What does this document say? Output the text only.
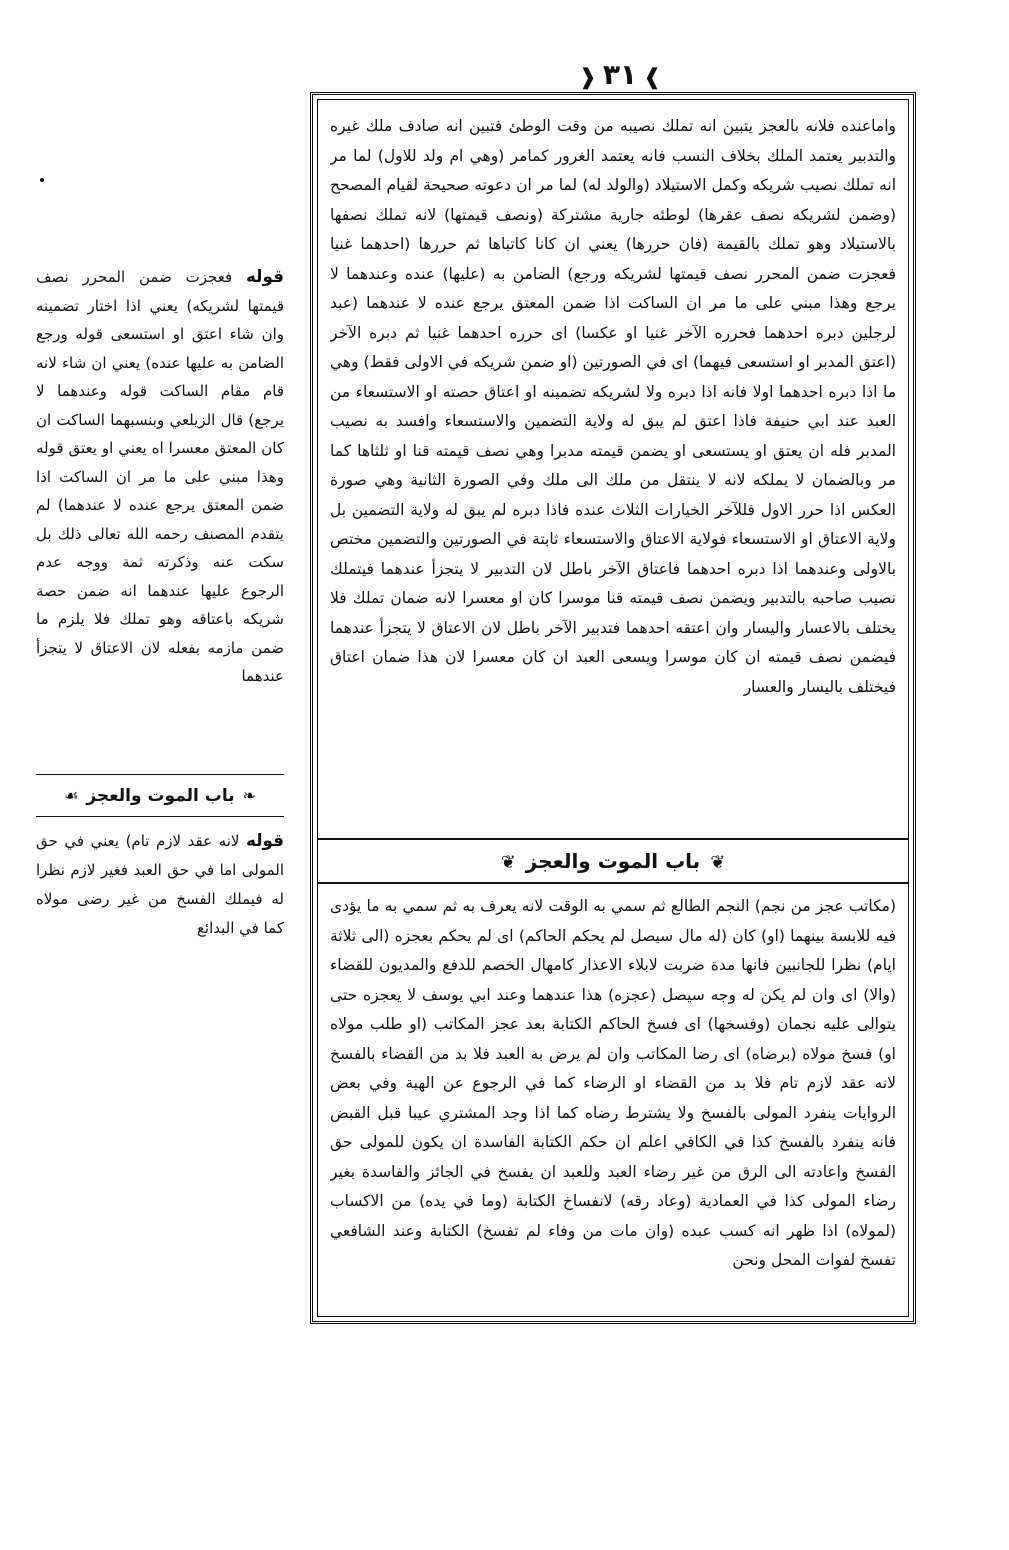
❱٣١❰
واماعنده فلانه بالعجز يتبين انه تملك نصيبه من وقت الوطئ فتبين انه صادف ملك غيره والتدبير يعتمد الملك بخلاف النسب فانه يعتمد الغرور كمامر (وهي ام ولد للاول) لما مر انه تملك نصيب شريكه وكمل الاستيلاد (والولد له) لما مر ان دعوته صحيحة لقيام المصحح (وضمن لشريكه نصف عقرها) لوطئه جارية مشتركة (ونصف قيمتها) لانه تملك نصفها بالاستيلاد وهو تملك بالقيمة (فان حررها) يعني ان كانا كاتباها ثم حررها (احدهما غنيا فعجزت ضمن المحرر نصف قيمتها لشريكه ورجع) الضامن به (عليها) عنده وعندهما لا يرجع وهذا مبني على ما مر ان الساكت اذا ضمن المعتق يرجع عنده لا عندهما (عبد لرجلين دبره احدهما فحرره الآخر غنيا او عكسا) اى حرره احدهما غنيا ثم دبره الآخر (اعتق المدبر او استسعى فيهما) اى في الصورتين (او ضمن شريكه في الاولى فقط) وهي ما اذا دبره احدهما اولا فانه اذا دبره ولا لشريكه تضمينه او اعتاق حصته او الاستسعاء من العبد عند ابي حنيفة فاذا اعتق لم يبق له ولاية التضمين والاستسعاء وافسد به نصيب المدبر فله ان يعتق او يستسعى او يضمن قيمته مدبرا وهي نصف قيمته قنا او ثلثاها كما مر وبالضمان لا يملكه لانه لا ينتقل من ملك الى ملك وفي الصورة الثانية وهي صورة العكس اذا حرر الاول فللآخر الخيارات الثلاث عنده فاذا دبره لم يبق له ولاية التضمين بل ولاية الاعتاق او الاستسعاء فولاية الاعتاق والاستسعاء ثابتة في الصورتين والتضمين مختص بالاولى وعندهما اذا دبره احدهما فاعتاق الآخر باطل لان التدبير لا يتجزأ عندهما فيتملك نصيب صاحبه بالتدبير ويضمن نصف قيمته قنا موسرا كان او معسرا لانه ضمان تملك فلا يختلف بالاعسار واليسار وان اعتقه احدهما فتدبير الآخر باطل لان الاعتاق لا يتجزأ عندهما فيضمن نصف قيمته ان كان موسرا ويسعى العبد ان كان معسرا لان هذا ضمان اعتاق فيختلف باليسار والعسار
❦باب الموت والعجز❦
(مكاتب عجز من نجم) النجم الطالع ثم سمي به الوقت لانه يعرف به ثم سمي به ما يؤدى فيه للابسة بينهما (او) كان (له مال سيصل لم يحكم الحاكم) اى لم يحكم بعجزه (الى ثلاثة ايام) نظرا للجانبين فانها مدة ضربت لابلاء الاعذار كامهال الخصم للدفع والمديون للقضاء (والا) اى وان لم يكن له وجه سيصل (عجزه) هذا عندهما وعند ابي يوسف لا يعجزه حتى يتوالى عليه نجمان (وفسخها) اى فسخ الحاكم الكتابة بعد عجز المكاتب (او طلب مولاه او) فسخ مولاه (برضاه) اى رضا المكاتب وان لم يرض به العبد فلا بد من القضاء بالفسخ لانه عقد لازم تام فلا بد من القضاء او الرضاء كما في الرجوع عن الهبة وفي بعض الروايات ينفرد المولى بالفسخ ولا يشترط رضاه كما اذا وجد المشتري عيبا قبل القبض فانه ينفرد بالفسخ كذا في الكافي اعلم ان حكم الكتابة الفاسدة ان يكون للمولى حق الفسخ واعادته الى الرق من غير رضاء العبد وللعبد ان يفسخ في الجائز والفاسدة بغير رضاء المولى كذا في العمادية (وعاد رقه) لانفساخ الكتابة (وما في يده) من الاكساب (لمولاه) اذا ظهر انه كسب عبده (وان مات من وفاء لم تفسخ) الكتابة وعند الشافعي تفسخ لفوات المحل ونحن
قوله فعجزت ضمن المحرر نصف قيمتها لشريكه) يعني اذا اختار تضمينه وان شاء اعتق او استسعى قوله ورجع الضامن به عليها عنده) يعني ان شاء لانه قام مقام الساكت قوله وعندهما لا يرجع) قال الزيلعي وبنسبهما الساكت ان كان المعتق معسرا اه يعني او يعتق قوله وهذا مبني على ما مر ان الساكت اذا ضمن المعتق يرجع عنده لا عندهما) لم يتقدم المصنف رحمه الله تعالى ذلك بل سكت عنه وذكرته ثمة ووجه عدم الرجوع عليها عندهما انه ضمن حصة شريكه باعتاقه وهو تملك فلا يلزم ما ضمن مازمه بفعله لان الاعتاق لا يتجزأ عندهما
❧باب الموت والعجز☙
قوله لانه عقد لازم تام) يعني في حق المولى اما في حق العبد فغير لازم نظرا له فيملك الفسخ من غير رضى مولاه كما في البدائع
